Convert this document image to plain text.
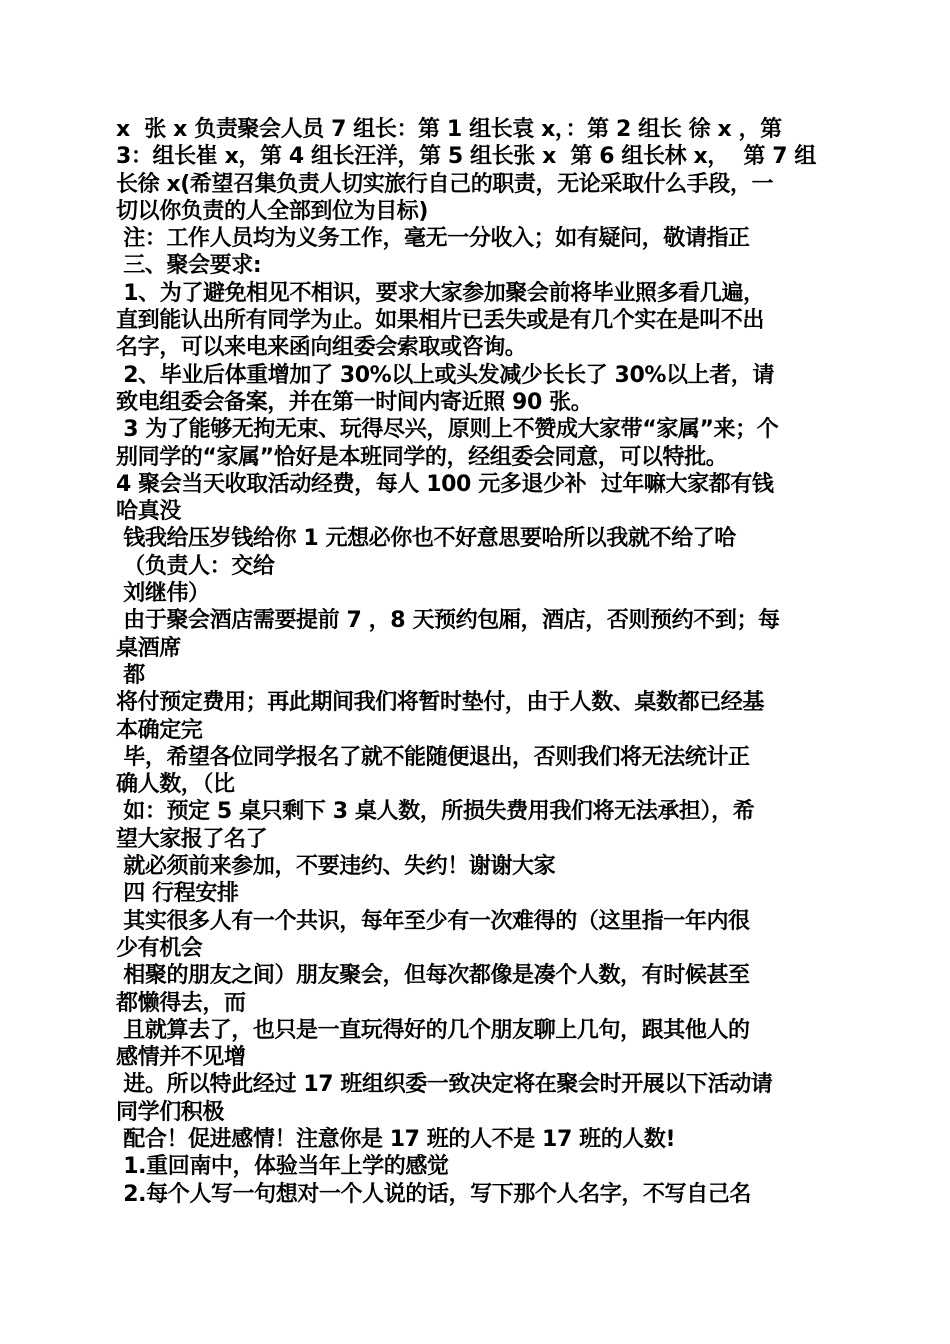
x  张 x 负责聚会人员 7 组长：第 1 组长袁 x，：第 2 组长 徐 x ，第
3：组长崔 x，第 4 组长汪洋，第 5 组长张 x  第 6 组长林 x，  第 7 组
长徐 x(希望召集负责人切实旅行自己的职责，无论采取什么手段，一
切以你负责的人全部到位为目标)
注：工作人员均为义务工作，毫无一分收入；如有疑问，敬请指正
三、聚会要求:
1、为了避免相见不相识，要求大家参加聚会前将毕业照多看几遍，
直到能认出所有同学为止。如果相片已丢失或是有几个实在是叫不出
名字，可以来电来函向组委会索取或咨询。
2、毕业后体重增加了 30%以上或头发减少长长了 30%以上者，请
致电组委会备案，并在第一时间内寄近照 90 张。
3 为了能够无拘无束、玩得尽兴，原则上不赞成大家带“家属”来；个
别同学的“家属”恰好是本班同学的，经组委会同意，可以特批。
4 聚会当天收取活动经费，每人 100 元多退少补  过年嘛大家都有钱
哈真没
钱我给压岁钱给你 1 元想必你也不好意思要哈所以我就不给了哈
（负责人：交给
刘继伟）
由于聚会酒店需要提前 7 ，8 天预约包厢，酒店，否则预约不到；每
桌酒席
都
将付预定费用；再此期间我们将暂时垫付，由于人数、桌数都已经基
本确定完
毕，希望各位同学报名了就不能随便退出，否则我们将无法统计正
确人数，（比
如：预定 5 桌只剩下 3 桌人数，所损失费用我们将无法承担），希
望大家报了名了
就必须前来参加，不要违约、失约！谢谢大家
四 行程安排
其实很多人有一个共识，每年至少有一次难得的（这里指一年内很
少有机会
相聚的朋友之间）朋友聚会，但每次都像是凑个人数，有时候甚至
都懒得去，而
且就算去了，也只是一直玩得好的几个朋友聊上几句，跟其他人的
感情并不见增
进。所以特此经过 17 班组织委一致决定将在聚会时开展以下活动请
同学们积极
配合！促进感情！注意你是 17 班的人不是 17 班的人数!
1.重回南中，体验当年上学的感觉
2.每个人写一句想对一个人说的话，写下那个人名字，不写自己名
